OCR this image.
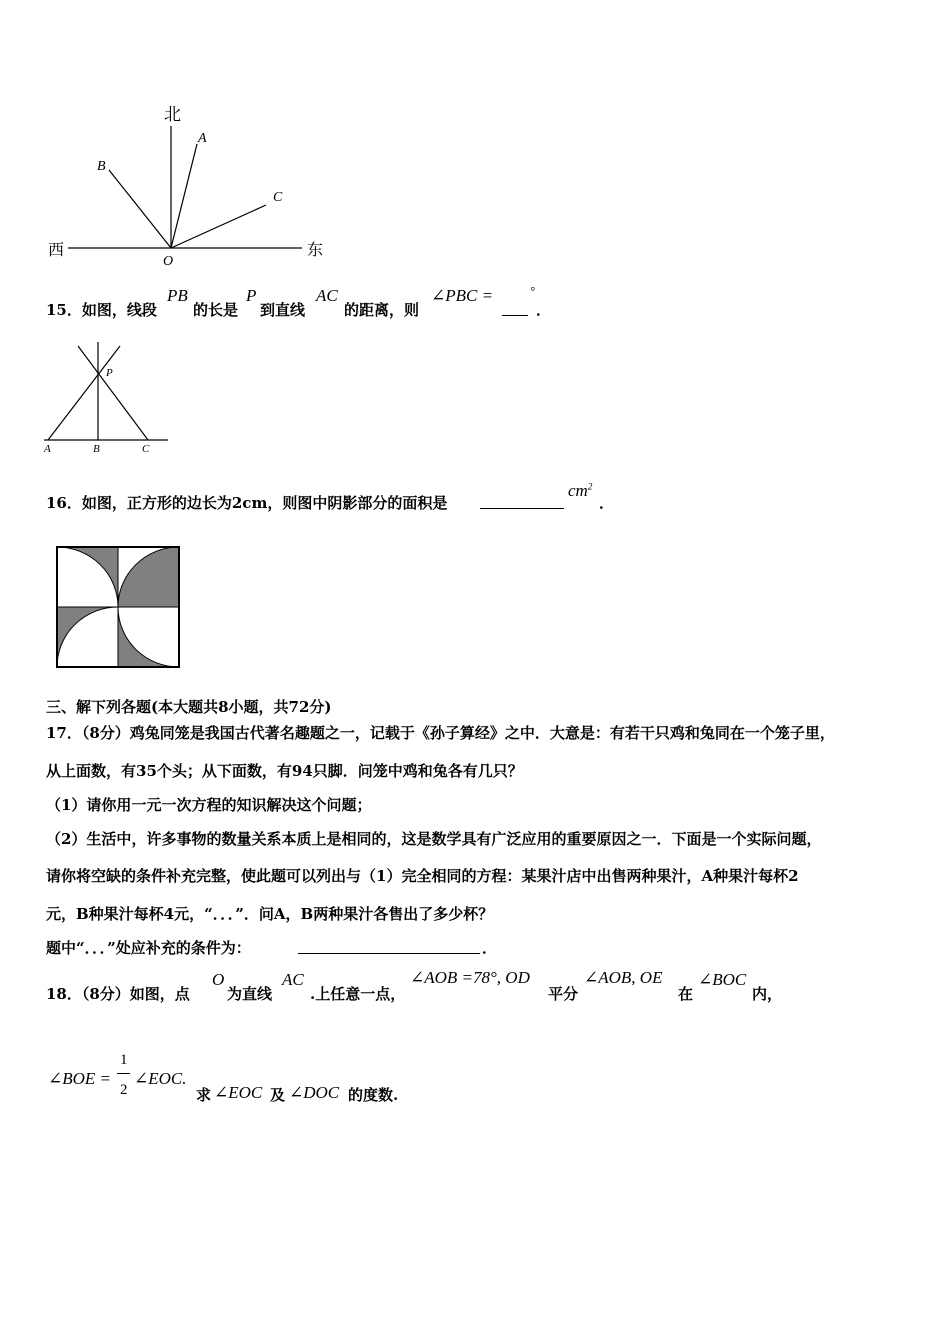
北
西	东
A
B
C
O
15．如图，线段
PB
的长是
P
到直线
AC
的距离，则
∠PBC =	°
．
P
A	B	C
16．如图，正方形的边长为2cm，则图中阴影部分的面积是
$cm^2$
．
三、解下列各题(本大题共8小题，共72分)
17．（8分）鸡兔同笼是我国古代著名趣题之一，记载于《孙子算经》之中．大意是：有若干只鸡和兔同在一个笼子里，
从上面数，有35个头；从下面数，有94只脚．问笼中鸡和兔各有几只？
（1）请你用一元一次方程的知识解决这个问题；
（2）生活中，许多事物的数量关系本质上是相同的，这是数学具有广泛应用的重要原因之一．下面是一个实际问题，
请你将空缺的条件补充完整，使此题可以列出与（1）完全相同的方程：某果汁店中出售两种果汁，A种果汁每杯2
元，B种果汁每杯4元，“．．．”．问A，B两种果汁各售出了多少杯？
题中“．．．”处应补充的条件为：	．
18．（8分）如图，点
O
为直线
AC
.上任意一点，
∠AOB =78°, OD
平分
∠AOB, OE
在
∠BOC
内，
∠BOE =
1
2
∠EOC.
求 ∠EOC 及 ∠DOC 的度数.
